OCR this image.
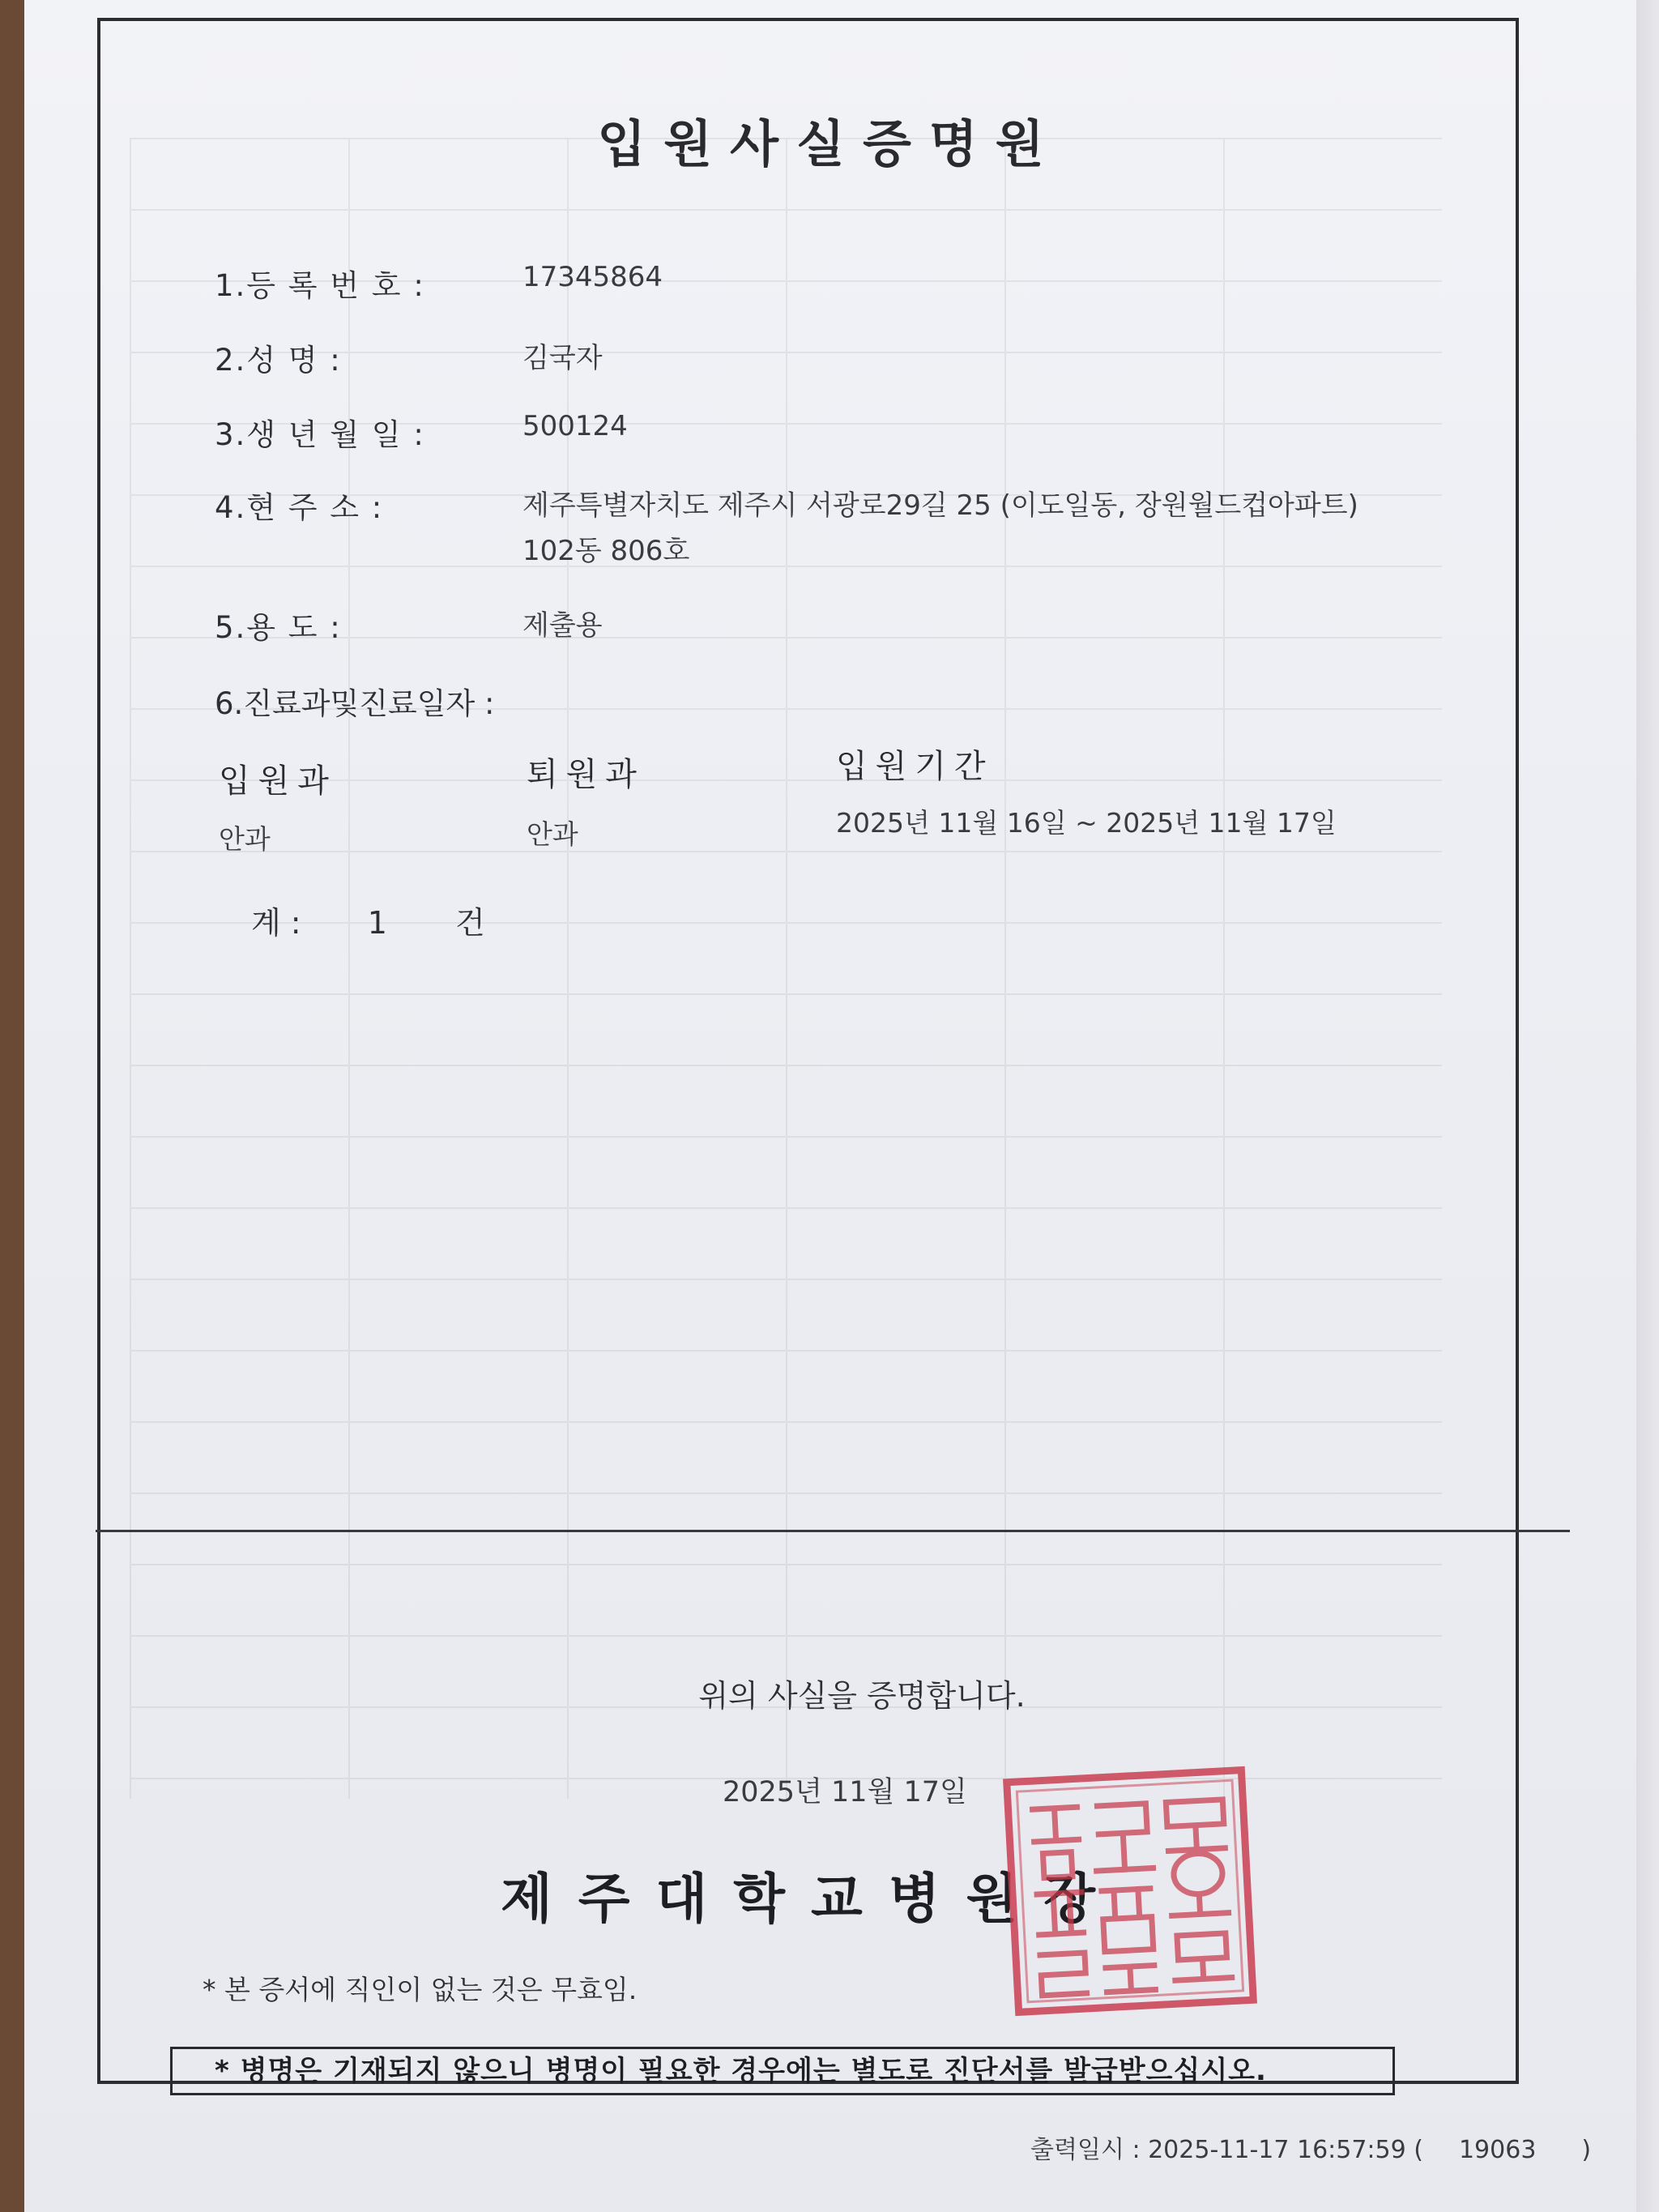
입원사실증명원
1.등 록 번 호 :	17345864
2.성 명 :	김국자
3.생 년 월 일 :	500124
4.현 주 소 :	제주특별자치도 제주시 서광로29길 25 (이도일동, 장원월드컵아파트)
102동 806호
5.용 도 :	제출용
6.진료과및진료일자 :
입원과	퇴원과	입원기간
안과	안과	2025년 11월 16일 ~ 2025년 11월 17일
계 : 1 건
위의 사실을 증명합니다.
2025년 11월 17일
제주대학교병원장
* 본 증서에 직인이 없는 것은 무효임.
* 병명은 기재되지 않으니 병명이 필요한 경우에는 별도로 진단서를 발급받으십시오.
출력일시 : 2025-11-17 16:57:59 ( 19063 )
